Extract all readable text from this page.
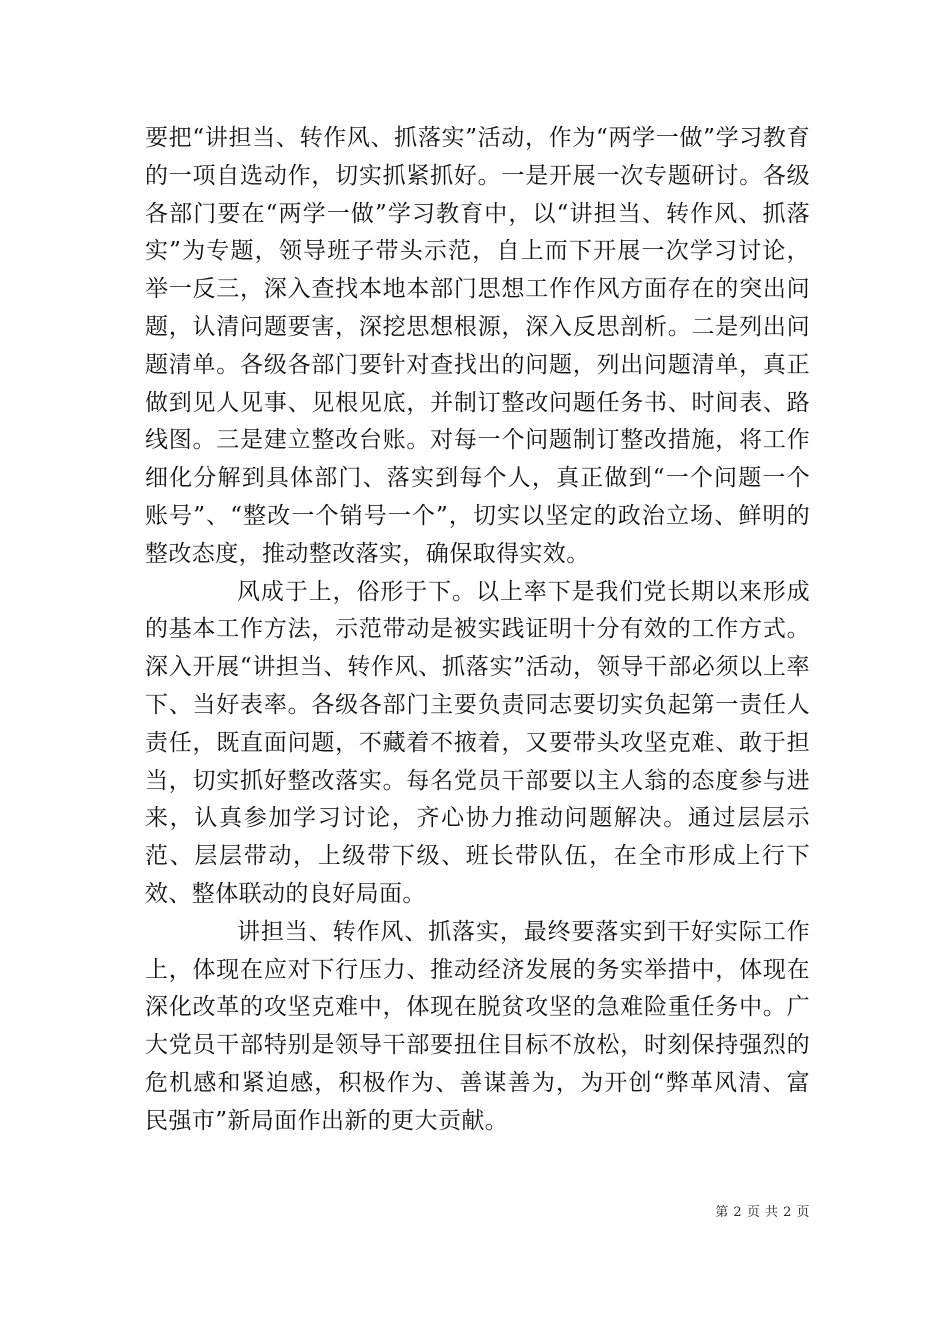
要把“讲担当、转作风、抓落实”活动，作为“两学一做”学习教育的一项自选动作，切实抓紧抓好。一是开展一次专题研讨。各级各部门要在“两学一做”学习教育中，以“讲担当、转作风、抓落实”为专题，领导班子带头示范，自上而下开展一次学习讨论，举一反三，深入查找本地本部门思想工作作风方面存在的突出问题，认清问题要害，深挖思想根源，深入反思剖析。二是列出问题清单。各级各部门要针对查找出的问题，列出问题清单，真正做到见人见事、见根见底，并制订整改问题任务书、时间表、路线图。三是建立整改台账。对每一个问题制订整改措施，将工作细化分解到具体部门、落实到每个人，真正做到“一个问题一个账号”、“整改一个销号一个”，切实以坚定的政治立场、鲜明的整改态度，推动整改落实，确保取得实效。

风成于上，俗形于下。以上率下是我们党长期以来形成的基本工作方法，示范带动是被实践证明十分有效的工作方式。深入开展“讲担当、转作风、抓落实”活动，领导干部必须以上率下、当好表率。各级各部门主要负责同志要切实负起第一责任人责任，既直面问题，不藏着不掖着，又要带头攻坚克难、敢于担当，切实抓好整改落实。每名党员干部要以主人翁的态度参与进来，认真参加学习讨论，齐心协力推动问题解决。通过层层示范、层层带动，上级带下级、班长带队伍，在全市形成上行下效、整体联动的良好局面。

讲担当、转作风、抓落实，最终要落实到干好实际工作上，体现在应对下行压力、推动经济发展的务实举措中，体现在深化改革的攻坚克难中，体现在脱贫攻坚的急难险重任务中。广大党员干部特别是领导干部要扭住目标不放松，时刻保持强烈的危机感和紧迫感，积极作为、善谋善为，为开创“弊革风清、富民强市”新局面作出新的更大贡献。

第 2 页 共 2 页
